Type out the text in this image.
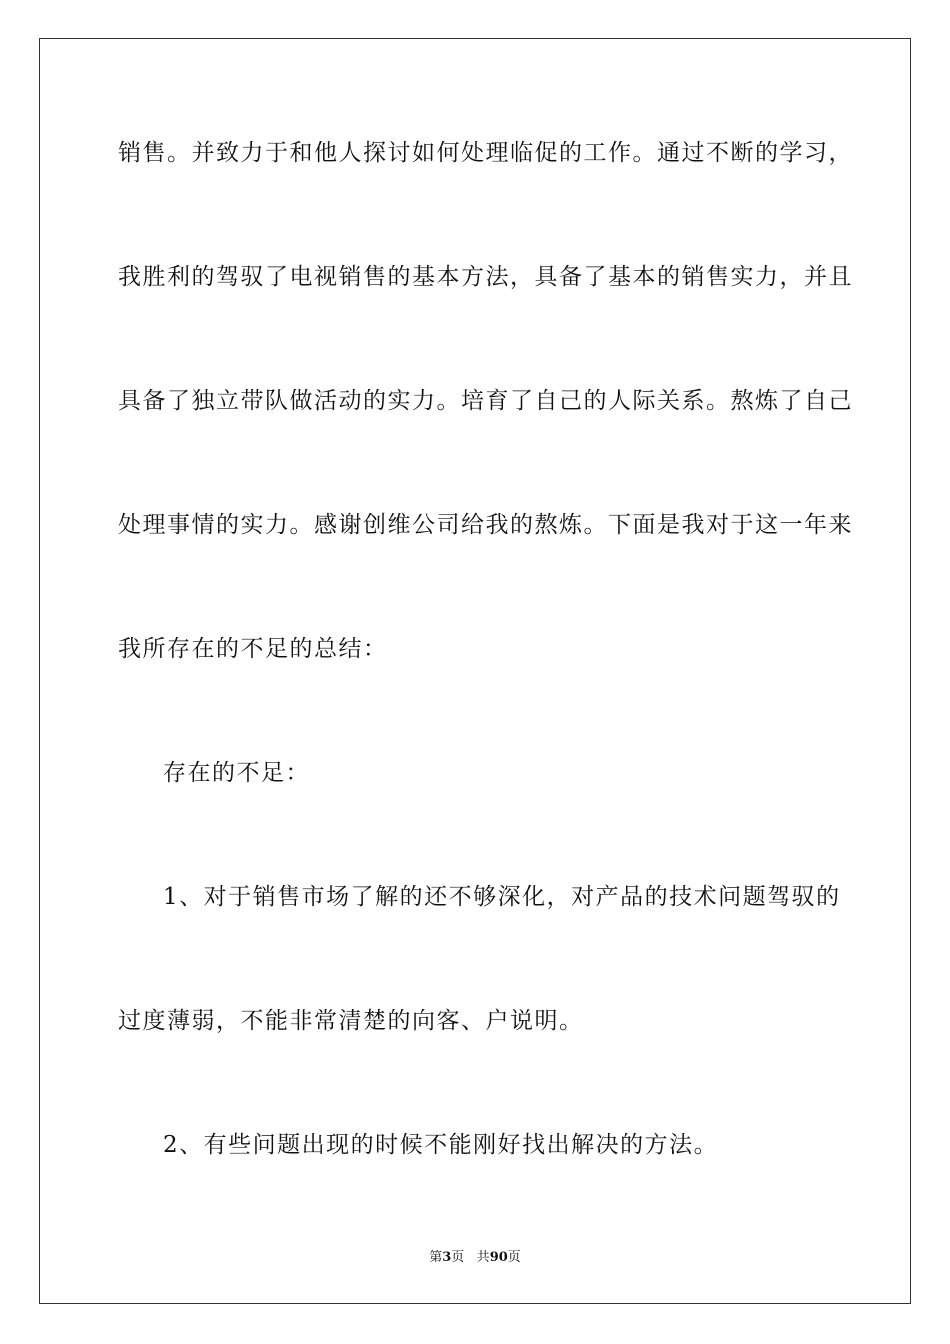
销售。并致力于和他人探讨如何处理临促的工作。通过不断的学习，
我胜利的驾驭了电视销售的基本方法，具备了基本的销售实力，并且
具备了独立带队做活动的实力。培育了自己的人际关系。熬炼了自己
处理事情的实力。感谢创维公司给我的熬炼。下面是我对于这一年来
我所存在的不足的总结：
存在的不足：
1、对于销售市场了解的还不够深化，对产品的技术问题驾驭的
过度薄弱，不能非常清楚的向客、户说明。
2、有些问题出现的时候不能刚好找出解决的方法。
第3页 共90页
